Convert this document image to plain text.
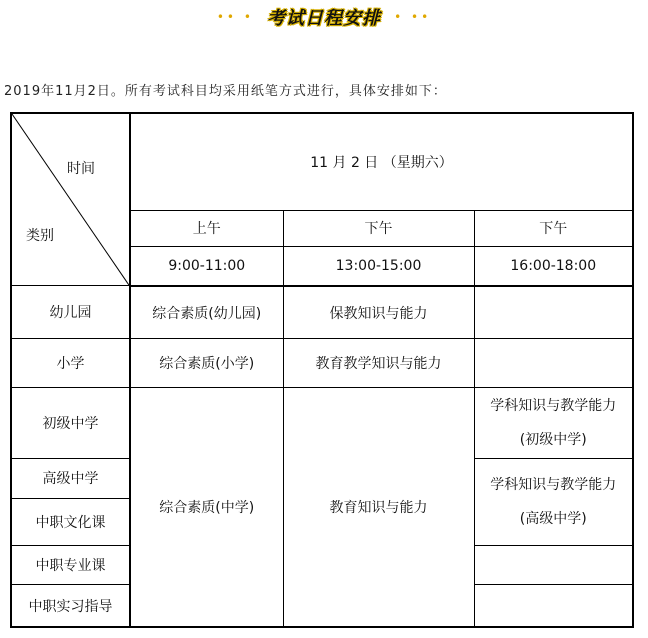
•• • 考试日程安排 • ••
2019年11月2日。所有考试科目均采用纸笔方式进行，具体安排如下：
时间
类别	11 月 2 日 （星期六）		
	上午	下午	下午
	9:00-11:00	13:00-15:00	16:00-18:00
幼儿园	综合素质(幼儿园)	保教知识与能力	
小学	综合素质(小学)	教育教学知识与能力	
初级中学	综合素质(中学)	教育知识与能力	学科知识与教学能力
(初级中学)

高级中学			学科知识与教学能力
(高级中学)

中职文化课			
中职专业课			
中职实习指导			
